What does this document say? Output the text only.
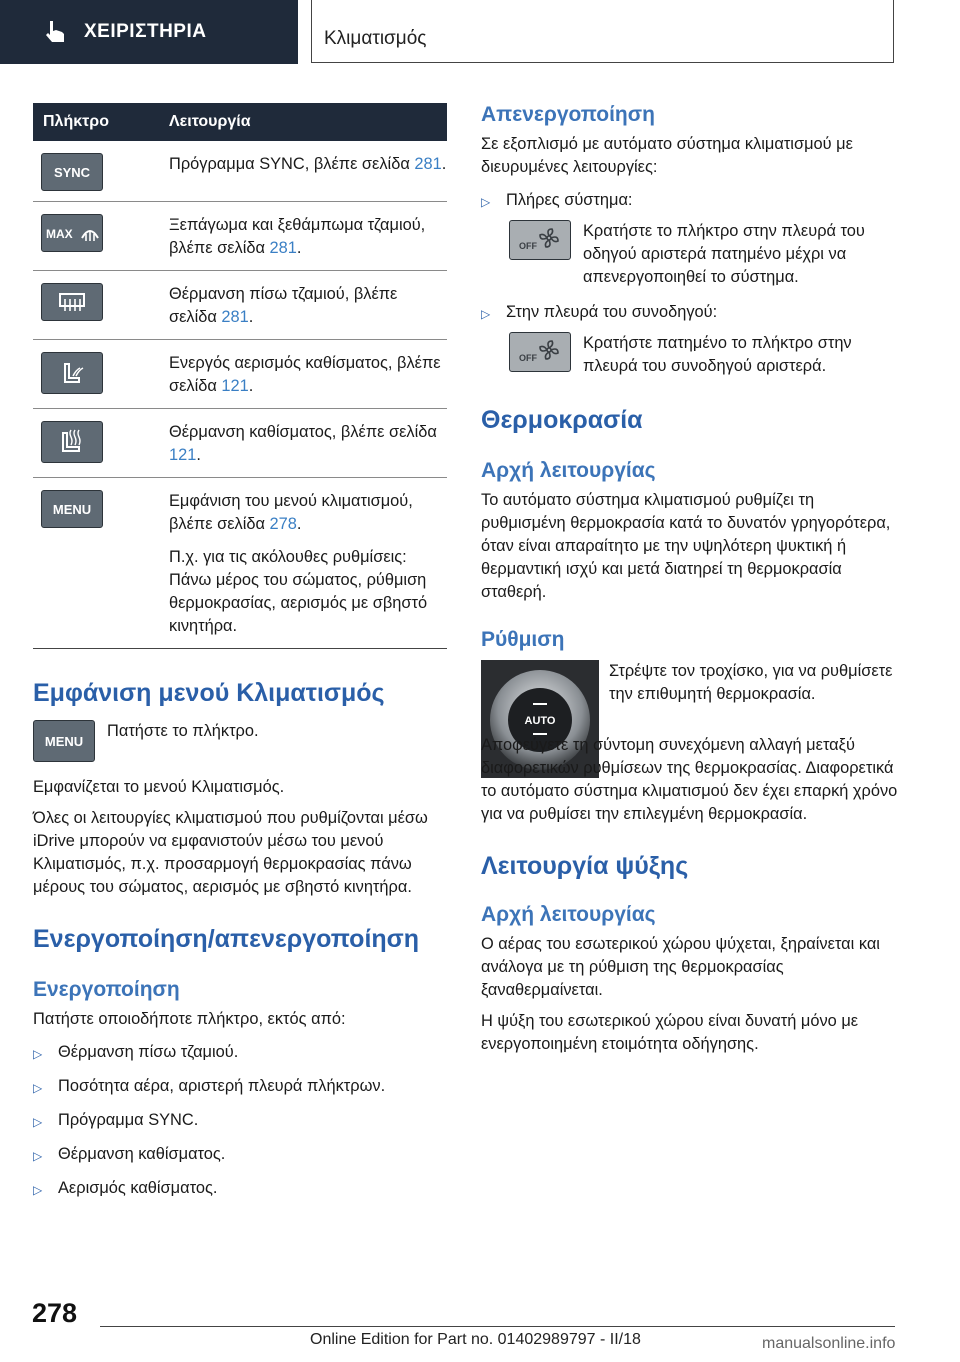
ΧΕΙΡΙΣΤΗΡΙΑ	Κλιματισμός
Πλήκτρο	Λειτουργία

SYNC	Πρόγραμμα SYNC, βλέπε σελίδα 281.

MAX	Ξεπάγωμα και ξεθάμπωμα τζαμιού, βλέπε σελίδα 281.

	Θέρμανση πίσω τζαμιού, βλέπε σελίδα 281.

	Ενεργός αερισμός καθίσματος, βλέπε σελίδα 121.

	Θέρμανση καθίσματος, βλέπε σελίδα 121.

MENU	Εμφάνιση του μενού κλιματισμού, βλέπε σελίδα 278.
Π.χ. για τις ακόλουθες ρυθμίσεις: Πάνω μέρος του σώματος, ρύθμιση θερμοκρασίας, αερισμός με σβηστό κινητήρα.
Εμφάνιση μενού Κλιματισμός
MENU

Πατήστε το πλήκτρο.

Εμφανίζεται το μενού Κλιματισμός.

Όλες οι λειτουργίες κλιματισμού που ρυθμίζονται μέσω iDrive μπορούν να εμφανιστούν μέσω του μενού Κλιματισμός, π.χ. προσαρμογή θερμοκρασίας πάνω μέρους του σώματος, αερισμός με σβηστό κινητήρα.

Ενεργοποίηση/απενεργοποίηση
Ενεργοποίηση

Πατήστε οποιοδήποτε πλήκτρο, εκτός από:

▷ Θέρμανση πίσω τζαμιού.

▷ Ποσότητα αέρα, αριστερή πλευρά πλήκτρων.

▷ Πρόγραμμα SYNC.

▷ Θέρμανση καθίσματος.

▷ Αερισμός καθίσματος.

Απενεργοποίηση

Σε εξοπλισμό με αυτόματο σύστημα κλιματισμού με διευρυμένες λειτουργίες:

▷ Πλήρες σύστημα:

OFF

Κρατήστε το πλήκτρο στην πλευρά του οδηγού αριστερά πατημένο μέχρι να απενεργοποιηθεί το σύστημα.

▷ Στην πλευρά του συνοδηγού:

OFF

Κρατήστε πατημένο το πλήκτρο στην πλευρά του συνοδηγού αριστερά.

Θερμοκρασία
Αρχή λειτουργίας

Το αυτόματο σύστημα κλιματισμού ρυθμίζει τη ρυθμισμένη θερμοκρασία κατά το δυνατόν γρηγορότερα, όταν είναι απαραίτητο με την υψηλότερη ψυκτική ή θερμαντική ισχύ και μετά διατηρεί τη θερμοκρασία σταθερή.

Ρύθμιση
AUTO

Στρέψτε τον τροχίσκο, για να ρυθμίσετε την επιθυμητή θερμοκρασία.

Αποφεύγετε τη σύντομη συνεχόμενη αλλαγή μεταξύ διαφορετικών ρυθμίσεων της θερμοκρασίας. Διαφορετικά το αυτόματο σύστημα κλιματισμού δεν έχει επαρκή χρόνο για να ρυθμίσει την επιλεγμένη θερμοκρασία.

Λειτουργία ψύξης
Αρχή λειτουργίας

Ο αέρας του εσωτερικού χώρου ψύχεται, ξηραίνεται και ανάλογα με τη ρύθμιση της θερμοκρασίας ξαναθερμαίνεται.

Η ψύξη του εσωτερικού χώρου είναι δυνατή μόνο με ενεργοποιημένη ετοιμότητα οδήγησης.

278
Online Edition for Part no. 01402989797 - II/18	manualsonline.info
